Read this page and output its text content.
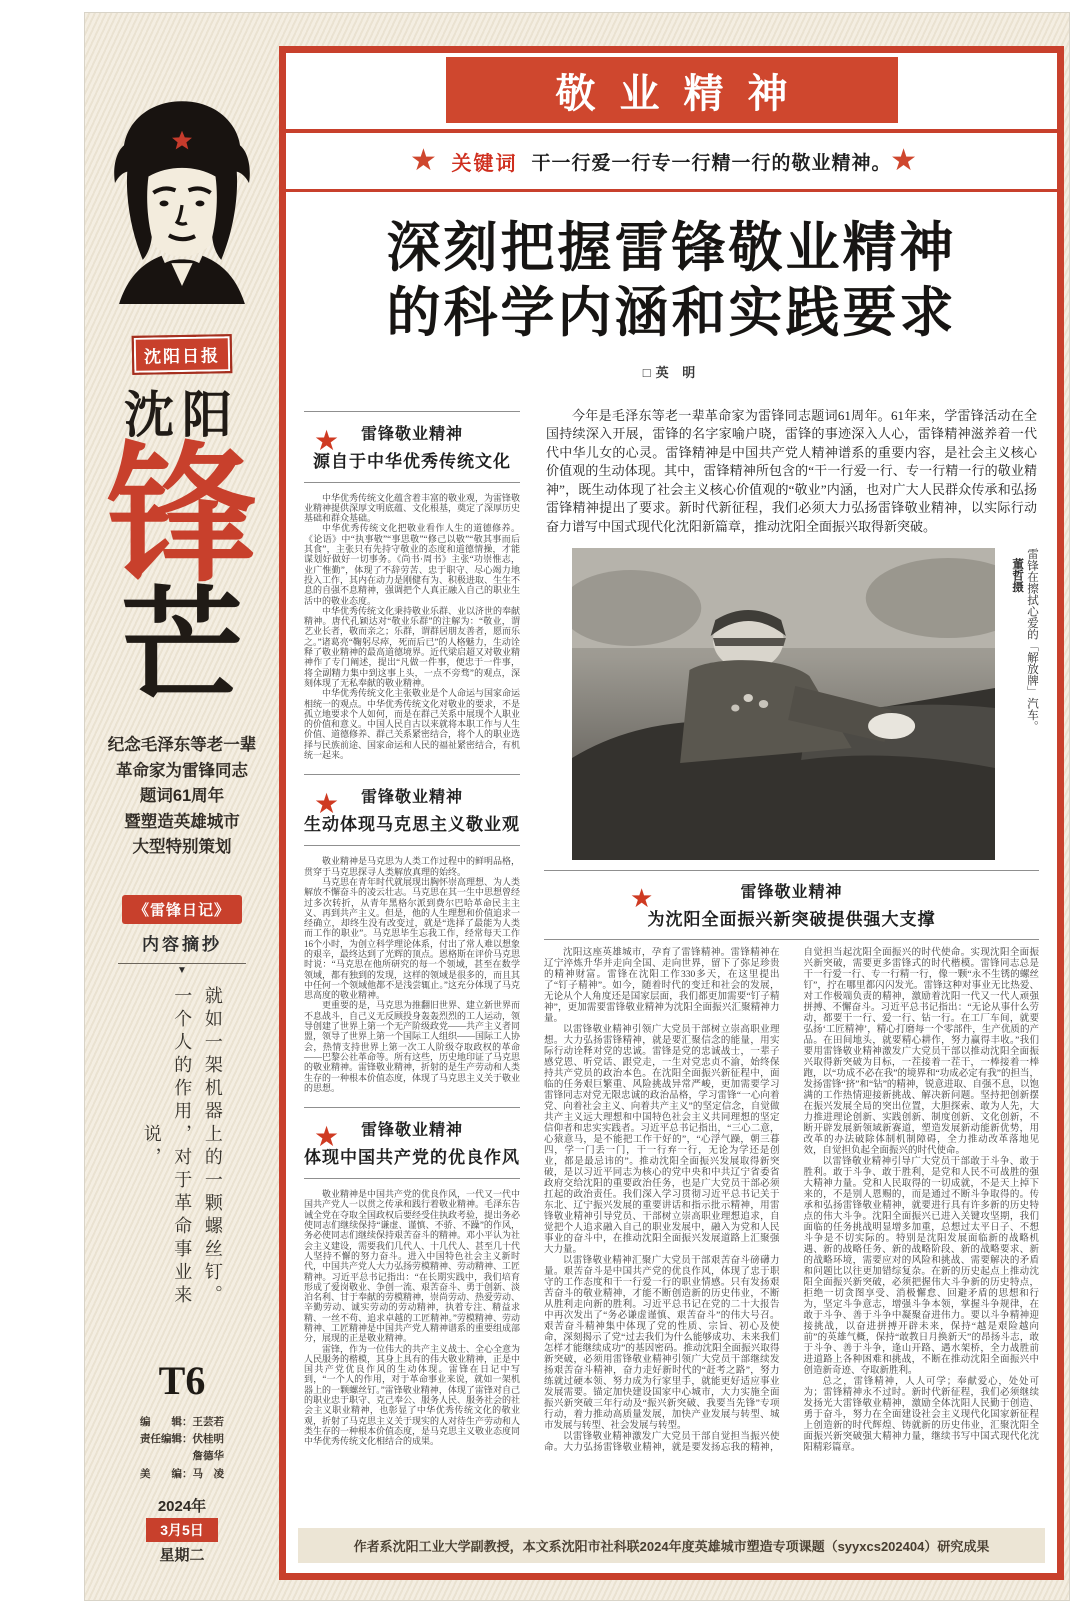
沈阳日报
沈阳
锋
芒
纪念毛泽东等老一辈
革命家为雷锋同志
题词61周年
暨塑造英雄城市
大型特别策划
《雷锋日记》
内容摘抄
▼
就如一架机器上的一颗螺丝钉。
一个人的作用，对于革命事业来说，
T6
编　　辑：王芸若
责任编辑：伏桂明
　　　　　詹德华
美　　编：马　凌
2024年
3月5日
星期二
敬业精神
★ 关键词 干一行爱一行专一行精一行的敬业精神。
★
深刻把握雷锋敬业精神
的科学内涵和实践要求
□英 明
★	雷锋敬业精神
源自于中华优秀传统文化

中华优秀传统文化蕴含着丰富的敬业观，为雷锋敬业精神提供深厚文明底蕴、文化根基，奠定了深厚历史基础和群众基础。

中华优秀传统文化把敬业看作人生的道德修养。《论语》中“执事敬”“事思敬”“修己以敬”“敬其事而后其食”，主张只有先持守敬业的态度和道德情操，才能谋划好做好一切事务。《尚书·周书》主张“功崇惟志，业广惟勤”，体现了不辞劳苦、忠于职守、尽心竭力地投入工作，其内在动力是刚健有为、积极进取、生生不息的自强不息精神，强调把个人真正融入自己的职业生活中的敬业态度。

中华优秀传统文化秉持敬业乐群、业以济世的奉献精神。唐代孔颖达对“敬业乐群”的注解为：“敬业，谓艺业长者，敬而亲之；乐群，谓群居朋友善者，愿而乐之。”诸葛亮“鞠躬尽瘁，死而后已”的人格魅力，生动诠释了敬业精神的最高道德境界。近代梁启超又对敬业精神作了专门阐述，提出“凡做一件事，便忠于一件事，将全副精力集中到这事上头，一点不旁骛”的观点，深刻体现了无私奉献的敬业精神。

中华优秀传统文化主张敬业是个人命运与国家命运相统一的观点。中华优秀传统文化对敬业的要求，不是孤立地要求个人如何，而是在群己关系中展现个人职业的价值和意义。中国人民自古以来就将本职工作与人生价值、道德修养、群己关系紧密结合，将个人的职业选择与民族前途、国家命运和人民的福祉紧密结合，有机统一起来。

★	雷锋敬业精神
生动体现马克思主义敬业观

敬业精神是马克思为人类工作过程中的鲜明品格，贯穿于马克思探寻人类解放真理的始终。

马克思在青年时代就展现出胸怀崇高理想、为人类解放不懈奋斗的凌云壮志。马克思在其一生中思想曾经过多次转折，从青年黑格尔派到费尔巴哈革命民主主义、再到共产主义。但是，他的人生理想和价值追求一经确立，却终生没有改变过，就是“选择了最能为人类而工作的职业”。马克思毕生忘我工作，经常每天工作16个小时，为创立科学理论体系，付出了常人难以想象的艰辛，最终达到了光辉的顶点。恩格斯在评价马克思时说：“马克思在他所研究的每一个领域，甚至在数学领域，都有独到的发现，这样的领域是很多的，而且其中任何一个领域他都不是浅尝辄止。”这充分体现了马克思高度的敬业精神。

更重要的是，马克思为推翻旧世界、建立新世界而不息战斗，自己义无反顾投身轰轰烈烈的工人运动，领导创建了世界上第一个无产阶级政党——共产主义者同盟，领导了世界上第一个国际工人组织——国际工人协会，热情支持世界上第一次工人阶级夺取政权的革命——巴黎公社革命等。所有这些，历史地印证了马克思的敬业精神。雷锋敬业精神，折射的是生产劳动和人类生存的一种根本价值态度，体现了马克思主义关于敬业的思想。

★	雷锋敬业精神
体现中国共产党的优良作风

敬业精神是中国共产党的优良作风，一代又一代中国共产党人一以贯之传承和践行着敬业精神。毛泽东告诫全党在夺取全国政权后要经受住执政考验，提出务必使同志们继续保持“谦虚、谨慎、不骄、不躁”的作风，务必使同志们继续保持艰苦奋斗的精神。邓小平认为社会主义建设，需要我们几代人、十几代人、甚至几十代人坚持不懈的努力奋斗。进入中国特色社会主义新时代，中国共产党人大力弘扬劳模精神、劳动精神、工匠精神。习近平总书记指出：“在长期实践中，我们培育形成了爱岗敬业、争创一流、艰苦奋斗、勇于创新、淡泊名利、甘于奉献的劳模精神，崇尚劳动、热爱劳动、辛勤劳动、诚实劳动的劳动精神，执着专注、精益求精、一丝不苟、追求卓越的工匠精神。”劳模精神、劳动精神、工匠精神是中国共产党人精神谱系的重要组成部分，展现的正是敬业精神。

雷锋，作为一位伟大的共产主义战士、全心全意为人民服务的楷模，其身上具有的伟大敬业精神，正是中国共产党优良作风的生动体现。雷锋在日记中写到，“一个人的作用，对于革命事业来说，就如一架机器上的一颗螺丝钉。”雷锋敬业精神，体现了雷锋对自己的职业忠于职守、克己奉公、服务人民、服务社会的社会主义职业精神，也彰显了中华优秀传统文化的敬业观，折射了马克思主义关于现实的人对待生产劳动和人类生存的一种根本价值态度，是马克思主义敬业态度同中华优秀传统文化相结合的成果。

今年是毛泽东等老一辈革命家为雷锋同志题词61周年。61年来，学雷锋活动在全国持续深入开展，雷锋的名字家喻户晓，雷锋的事迹深入人心，雷锋精神滋养着一代代中华儿女的心灵。雷锋精神是中国共产党人精神谱系的重要内容，是社会主义核心价值观的生动体现。其中，雷锋精神所包含的“干一行爱一行、专一行精一行的敬业精神”，既生动体现了社会主义核心价值观的“敬业”内涵，也对广大人民群众传承和弘扬雷锋精神提出了要求。新时代新征程，我们必须大力弘扬雷锋敬业精神，以实际行动奋力谱写中国式现代化沈阳新篇章，推动沈阳全面振兴取得新突破。
雷锋在擦拭心爱的「解放牌」汽车。
董哲摄
★	雷锋敬业精神
为沈阳全面振兴新突破提供强大支撑

沈阳这座英雄城市，孕育了雷锋精神。雷锋精神在辽宁淬炼升华并走向全国、走向世界，留下了弥足珍贵的精神财富。雷锋在沈阳工作330多天，在这里提出了“钉子精神”。如今，随着时代的变迁和社会的发展，无论从个人角度还是国家层面，我们都更加需要“钉子精神”，更加需要雷锋敬业精神为沈阳全面振兴汇聚精神力量。

以雷锋敬业精神引领广大党员干部树立崇高职业理想。大力弘扬雷锋精神，就是要汇聚信念的能量，用实际行动诠释对党的忠诚。雷锋是党的忠诚战士，一辈子感党恩、听党话、跟党走，一生对党忠贞不渝，始终保持共产党员的政治本色。在沈阳全面振兴新征程中，面临的任务艰巨繁重、风险挑战异常严峻，更加需要学习雷锋同志对党无限忠诚的政治品格，学习雷锋“一心向着党、向着社会主义、向着共产主义”的坚定信念，自觉做共产主义远大理想和中国特色社会主义共同理想的坚定信仰者和忠实实践者。习近平总书记指出，“三心二意，心猿意马，是不能把工作干好的”，“心浮气躁，朝三暮四，学一门丢一门，干一行弃一行，无论为学还是创业，都是最忌讳的”。推动沈阳全面振兴发展取得新突破，是以习近平同志为核心的党中央和中共辽宁省委省政府交给沈阳的重要政治任务，也是广大党员干部必须扛起的政治责任。我们深入学习贯彻习近平总书记关于东北、辽宁振兴发展的重要讲话和指示批示精神，用雷锋敬业精神引导党员、干部树立崇高职业理想追求，自觉把个人追求融入自己的职业发展中，融入为党和人民事业的奋斗中，在推动沈阳全面振兴发展道路上汇聚强大力量。

以雷锋敬业精神汇聚广大党员干部艰苦奋斗磅礴力量。艰苦奋斗是中国共产党的优良作风，体现了忠于职守的工作态度和干一行爱一行的职业情感。只有发扬艰苦奋斗的敬业精神，才能不断创造新的历史伟业，不断从胜利走向新的胜利。习近平总书记在党的二十大报告中再次发出了“务必谦虚谨慎、艰苦奋斗”的伟大号召。艰苦奋斗精神集中体现了党的性质、宗旨、初心及使命，深刻揭示了党“过去我们为什么能够成功、未来我们怎样才能继续成功”的基因密码。推动沈阳全面振兴取得新突破，必须用雷锋敬业精神引领广大党员干部继续发扬艰苦奋斗精神，奋力走好新时代的“赶考之路”，努力练就过硬本领、努力成为行家里手，就能更好适应事业发展需要。锚定加快建设国家中心城市，大力实施全面振兴新突破三年行动及“振兴新突破、我要当先锋”专项行动，着力推动高质量发展，加快产业发展与转型、城市发展与转型、社会发展与转型。

以雷锋敬业精神激发广大党员干部自觉担当振兴使命。大力弘扬雷锋敬业精神，就是要发扬忘我的精神，自觉担当起沈阳全面振兴的时代使命。实现沈阳全面振兴新突破，需要更多雷锋式的时代楷模。雷锋同志总是干一行爱一行、专一行精一行，像一颗“永不生锈的螺丝钉”，拧在哪里都闪闪发光。雷锋这种对事业无比热爱、对工作极端负责的精神，激励着沈阳一代又一代人顽强拼搏、不懈奋斗。习近平总书记指出：“无论从事什么劳动，都要干一行、爱一行、钻一行。在工厂车间，就要弘扬‘工匠精神’，精心打磨每一个零部件，生产优质的产品。在田间地头，就要精心耕作，努力赢得丰收。”我们要用雷锋敬业精神激发广大党员干部以推动沈阳全面振兴取得新突破为目标，一茬接着一茬干，一棒接着一棒跑，以“功成不必在我”的境界和“功成必定有我”的担当，发扬雷锋“挤”和“钻”的精神，锐意进取、自强不息，以饱满的工作热情迎接新挑战、解决新问题。坚持把创新摆在振兴发展全局的突出位置，大胆探索、敢为人先，大力推进理论创新、实践创新、制度创新、文化创新，不断开辟发展新领域新赛道，塑造发展新动能新优势，用改革的办法破除体制机制障碍，全力推动改革落地见效，自觉担负起全面振兴的时代使命。

以雷锋敬业精神引导广大党员干部敢于斗争、敢于胜利。敢于斗争、敢于胜利，是党和人民不可战胜的强大精神力量。党和人民取得的一切成就，不是天上掉下来的，不是别人恩赐的，而是通过不断斗争取得的。传承和弘扬雷锋敬业精神，就要进行具有许多新的历史特点的伟大斗争。沈阳全面振兴已进入关键攻坚期，我们面临的任务挑战明显增多加重，总想过太平日子、不想斗争是不切实际的。特别是沈阳发展面临新的战略机遇、新的战略任务、新的战略阶段、新的战略要求、新的战略环境，需要应对的风险和挑战、需要解决的矛盾和问题比以往更加错综复杂。在新的历史起点上推动沈阳全面振兴新突破，必须把握伟大斗争新的历史特点，拒绝一切贪图享受、消极懈怠、回避矛盾的思想和行为，坚定斗争意志，增强斗争本领，掌握斗争规律，在敢于斗争、善于斗争中凝聚奋进伟力。要以斗争精神迎接挑战，以奋进拼搏开辟未来，保持“越是艰险越向前”的英雄气概，保持“敢教日月换新天”的昂扬斗志，敢于斗争、善于斗争，逢山开路、遇水架桥，全力战胜前进道路上各种困难和挑战，不断在推动沈阳全面振兴中创造新奇迹、夺取新胜利。

总之，雷锋精神，人人可学；奉献爱心，处处可为；雷锋精神永不过时。新时代新征程，我们必须继续发扬光大雷锋敬业精神，激励全体沈阳人民勤于创造、勇于奋斗，努力在全面建设社会主义现代化国家新征程上创造新的时代辉煌、铸就新的历史伟业，汇聚沈阳全面振兴新突破强大精神力量，继续书写中国式现代化沈阳精彩篇章。

作者系沈阳工业大学副教授，本文系沈阳市社科联2024年度英雄城市塑造专项课题（syyxcs202404）研究成果
